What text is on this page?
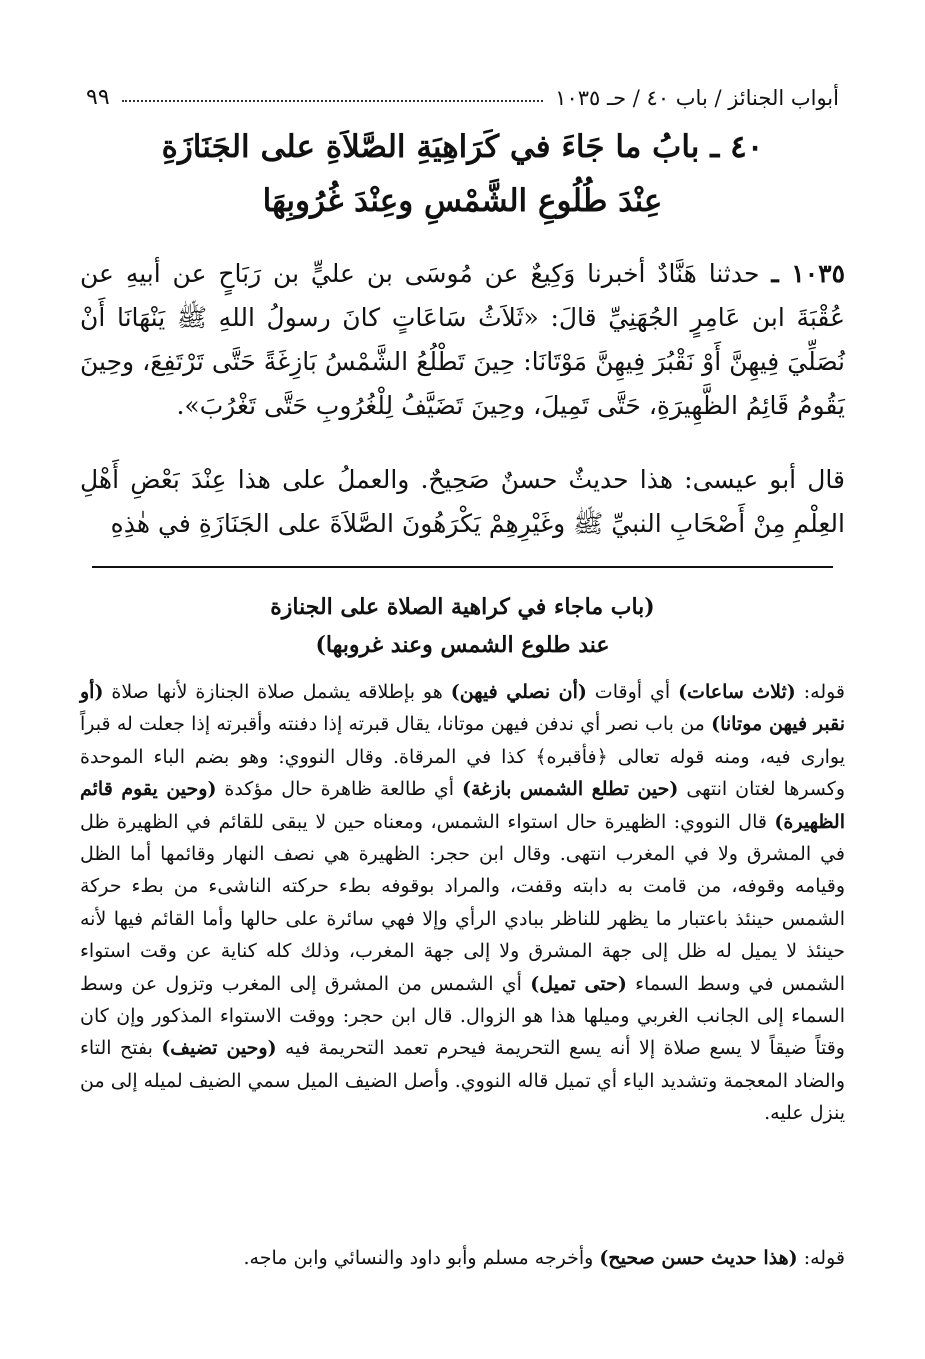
أبواب الجنائز / باب ٤٠ / حـ ١٠٣٥
٩٩
٤٠ ـ بابُ ما جَاءَ في كَرَاهِيَةِ الصَّلاَةِ على الجَنَازَةِ
عِنْدَ طُلُوعِ الشَّمْسِ وعِنْدَ غُرُوبِهَا
١٠٣٥ ـ حدثنا هَنَّادٌ أخبرنا وَكِيعٌ عن مُوسَى بن عليٍّ بن رَبَاحٍ عن أبيهِ عن عُقْبَةَ ابن عَامِرٍ الجُهَنِيِّ قالَ: «ثَلاَثُ سَاعَاتٍ كانَ رسولُ اللهِ ﷺ يَنْهَانَا أَنْ نُصَلِّيَ فِيهِنَّ أَوْ نَقْبُرَ فِيهِنَّ مَوْتَانَا: حِينَ تَطْلُعُ الشَّمْسُ بَازِغَةً حَتَّى تَرْتَفِعَ، وحِينَ يَقُومُ قَائِمُ الظَّهِيرَةِ، حَتَّى تَمِيلَ، وحِينَ تَضَيَّفُ لِلْغُرُوبِ حَتَّى تَغْرُبَ».
قال أبو عيسى: هذا حديثٌ حسنٌ صَحِيحٌ. والعملُ على هذا عِنْدَ بَعْضِ أَهْلِ العِلْمِ مِنْ أَصْحَابِ النبيِّ ﷺ وغَيْرِهِمْ يَكْرَهُونَ الصَّلاَةَ على الجَنَازَةِ في هٰذِهِ
(باب ماجاء في كراهية الصلاة على الجنازة
عند طلوع الشمس وعند غروبها)
قوله: (ثلاث ساعات) أي أوقات (أن نصلي فيهن) هو بإطلاقه يشمل صلاة الجنازة لأنها صلاة (أو نقبر فيهن موتانا) من باب نصر أي ندفن فيهن موتانا، يقال قبرته إذا دفنته وأقبرته إذا جعلت له قبراً يوارى فيه، ومنه قوله تعالى ﴿فأقبره﴾ كذا في المرقاة. وقال النووي: وهو بضم الباء الموحدة وكسرها لغتان انتهى (حين تطلع الشمس بازغة) أي طالعة ظاهرة حال مؤكدة (وحين يقوم قائم الظهيرة) قال النووي: الظهيرة حال استواء الشمس، ومعناه حين لا يبقى للقائم في الظهيرة ظل في المشرق ولا في المغرب انتهى. وقال ابن حجر: الظهيرة هي نصف النهار وقائمها أما الظل وقيامه وقوفه، من قامت به دابته وقفت، والمراد بوقوفه بطء حركته الناشىء من بطء حركة الشمس حينئذ باعتبار ما يظهر للناظر ببادي الرأي وإلا فهي سائرة على حالها وأما القائم فيها لأنه حينئذ لا يميل له ظل إلى جهة المشرق ولا إلى جهة المغرب، وذلك كله كناية عن وقت استواء الشمس في وسط السماء (حتى تميل) أي الشمس من المشرق إلى المغرب وتزول عن وسط السماء إلى الجانب الغربي وميلها هذا هو الزوال. قال ابن حجر: ووقت الاستواء المذكور وإن كان وقتاً ضيقاً لا يسع صلاة إلا أنه يسع التحريمة فيحرم تعمد التحريمة فيه (وحين تضيف) بفتح التاء والضاد المعجمة وتشديد الياء أي تميل قاله النووي. وأصل الضيف الميل سمي الضيف لميله إلى من ينزل عليه.
قوله: (هذا حديث حسن صحيح) وأخرجه مسلم وأبو داود والنسائي وابن ماجه.
